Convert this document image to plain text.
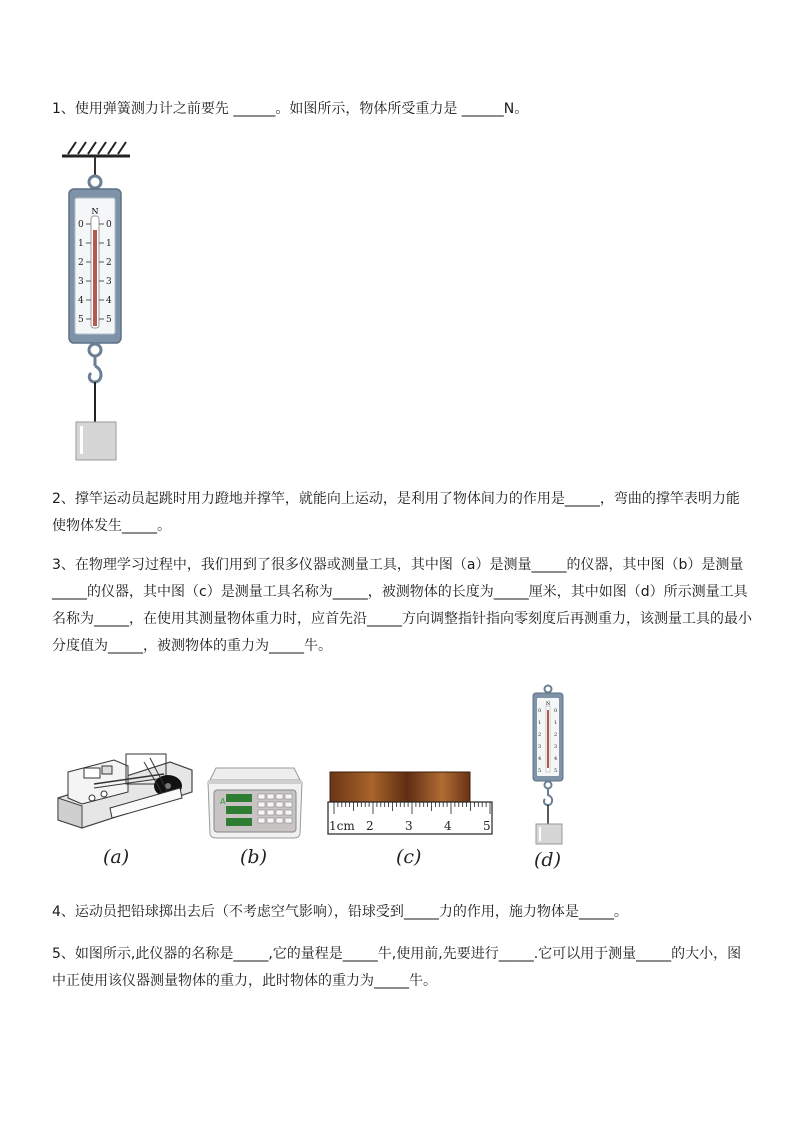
1、使用弹簧测力计之前要先 ______。如图所示，物体所受重力是 ______N。
N
0
1
2
3
4
5
0
1
2
3
4
5
2、撑竿运动员起跳时用力蹬地并撑竿，就能向上运动，是利用了物体间力的作用是_____，弯曲的撑竿表明力能使物体发生_____。
3、在物理学习过程中，我们用到了很多仪器或测量工具，其中图（a）是测量_____的仪器，其中图（b）是测量_____的仪器，其中图（c）是测量工具名称为_____，被测物体的长度为_____厘米，其中如图（d）所示测量工具名称为_____，在使用其测量物体重力时，应首先沿_____方向调整指针指向零刻度后再测重力，该测量工具的最小分度值为_____，被测物体的重力为_____牛。
(a)
A
(b)
1cm 2	3	4	5
(c)
N
0
1
2
3
4
5
0
1
2
3
4
5
(d)
4、运动员把铅球掷出去后（不考虑空气影响），铅球受到_____力的作用，施力物体是_____。
5、如图所示,此仪器的名称是_____,它的量程是_____牛,使用前,先要进行_____.它可以用于测量_____的大小，图中正使用该仪器测量物体的重力，此时物体的重力为_____牛。
